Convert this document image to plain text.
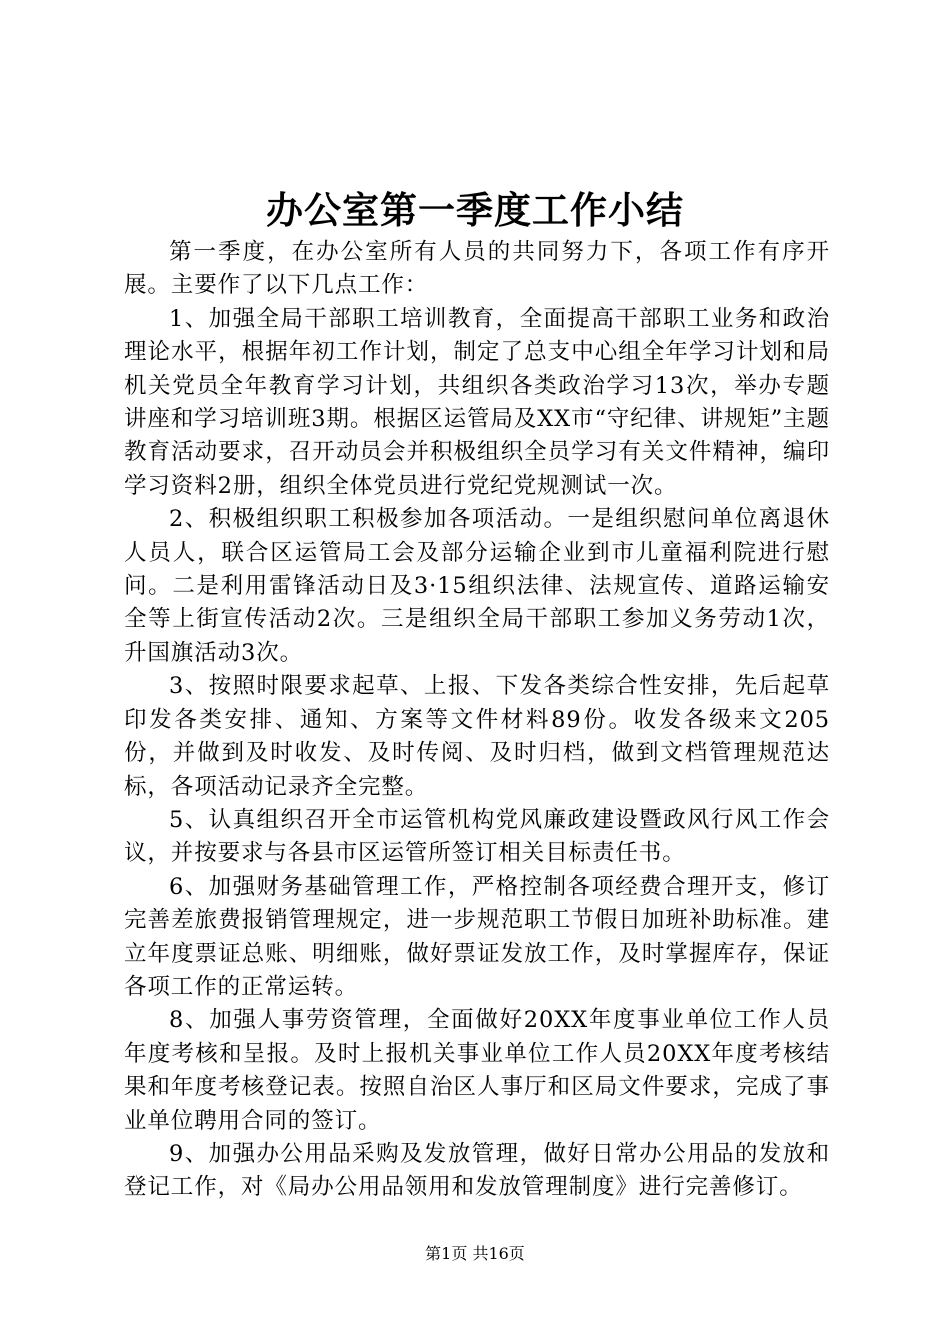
办公室第一季度工作小结

第一季度，在办公室所有人员的共同努力下，各项工作有序开展。主要作了以下几点工作：

1、加强全局干部职工培训教育，全面提高干部职工业务和政治理论水平，根据年初工作计划，制定了总支中心组全年学习计划和局机关党员全年教育学习计划，共组织各类政治学习13次，举办专题讲座和学习培训班3期。根据区运管局及XX市“守纪律、讲规矩”主题教育活动要求，召开动员会并积极组织全员学习有关文件精神，编印学习资料2册，组织全体党员进行党纪党规测试一次。

2、积极组织职工积极参加各项活动。一是组织慰问单位离退休人员人，联合区运管局工会及部分运输企业到市儿童福利院进行慰问。二是利用雷锋活动日及3·15组织法律、法规宣传、道路运输安全等上街宣传活动2次。三是组织全局干部职工参加义务劳动1次，升国旗活动3次。

3、按照时限要求起草、上报、下发各类综合性安排，先后起草印发各类安排、通知、方案等文件材料89份。收发各级来文205份，并做到及时收发、及时传阅、及时归档，做到文档管理规范达标，各项活动记录齐全完整。

5、认真组织召开全市运管机构党风廉政建设暨政风行风工作会议，并按要求与各县市区运管所签订相关目标责任书。

6、加强财务基础管理工作，严格控制各项经费合理开支，修订完善差旅费报销管理规定，进一步规范职工节假日加班补助标准。建立年度票证总账、明细账，做好票证发放工作，及时掌握库存，保证各项工作的正常运转。

8、加强人事劳资管理，全面做好20XX年度事业单位工作人员年度考核和呈报。及时上报机关事业单位工作人员20XX年度考核结果和年度考核登记表。按照自治区人事厅和区局文件要求，完成了事业单位聘用合同的签订。

9、加强办公用品采购及发放管理，做好日常办公用品的发放和登记工作，对《局办公用品领用和发放管理制度》进行完善修订。

第1页 共16页
